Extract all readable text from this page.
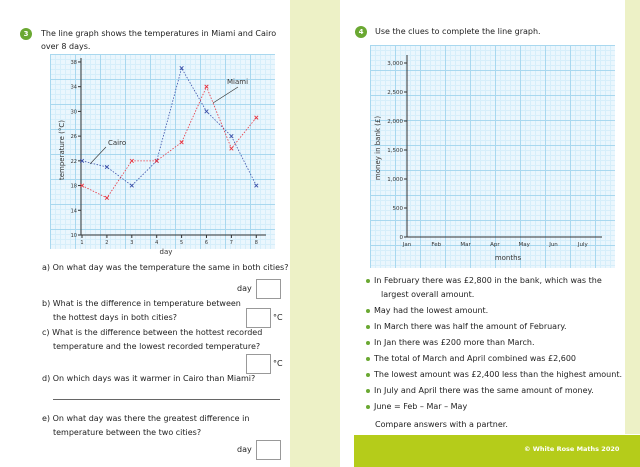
3	The line graph shows the temperatures in Miami and Cairo
over 8 days.
4	Use the clues to complete the line graph.
10
14
18
22
26
30
34
38
1	2	3	4	5	6	7	8
day
temperature (°C)	Cairo
Miami
0
500
1,000
1,500
2,000
2,500
3,000
Jan	Feb	Mar	Apr	May	Jun	July
months
money in bank (£)
a) On what day was the temperature the same in both cities?
day
b) What is the difference in temperature between
the hottest days in both cities?	°C
c) What is the difference between the hottest recorded
temperature and the lowest recorded temperature?
°C
d) On which days was it warmer in Cairo than Miami?
e) On what day was there the greatest difference in
temperature between the two cities?
day
In February there was £2,800 in the bank, which was the
largest overall amount.
May had the lowest amount.
In March there was half the amount of February.
In Jan there was £200 more than March.
The total of March and April combined was £2,600
The lowest amount was £2,400 less than the highest amount.
In July and April there was the same amount of money.
June = Feb – Mar – May
Compare answers with a partner.
© White Rose Maths 2020
